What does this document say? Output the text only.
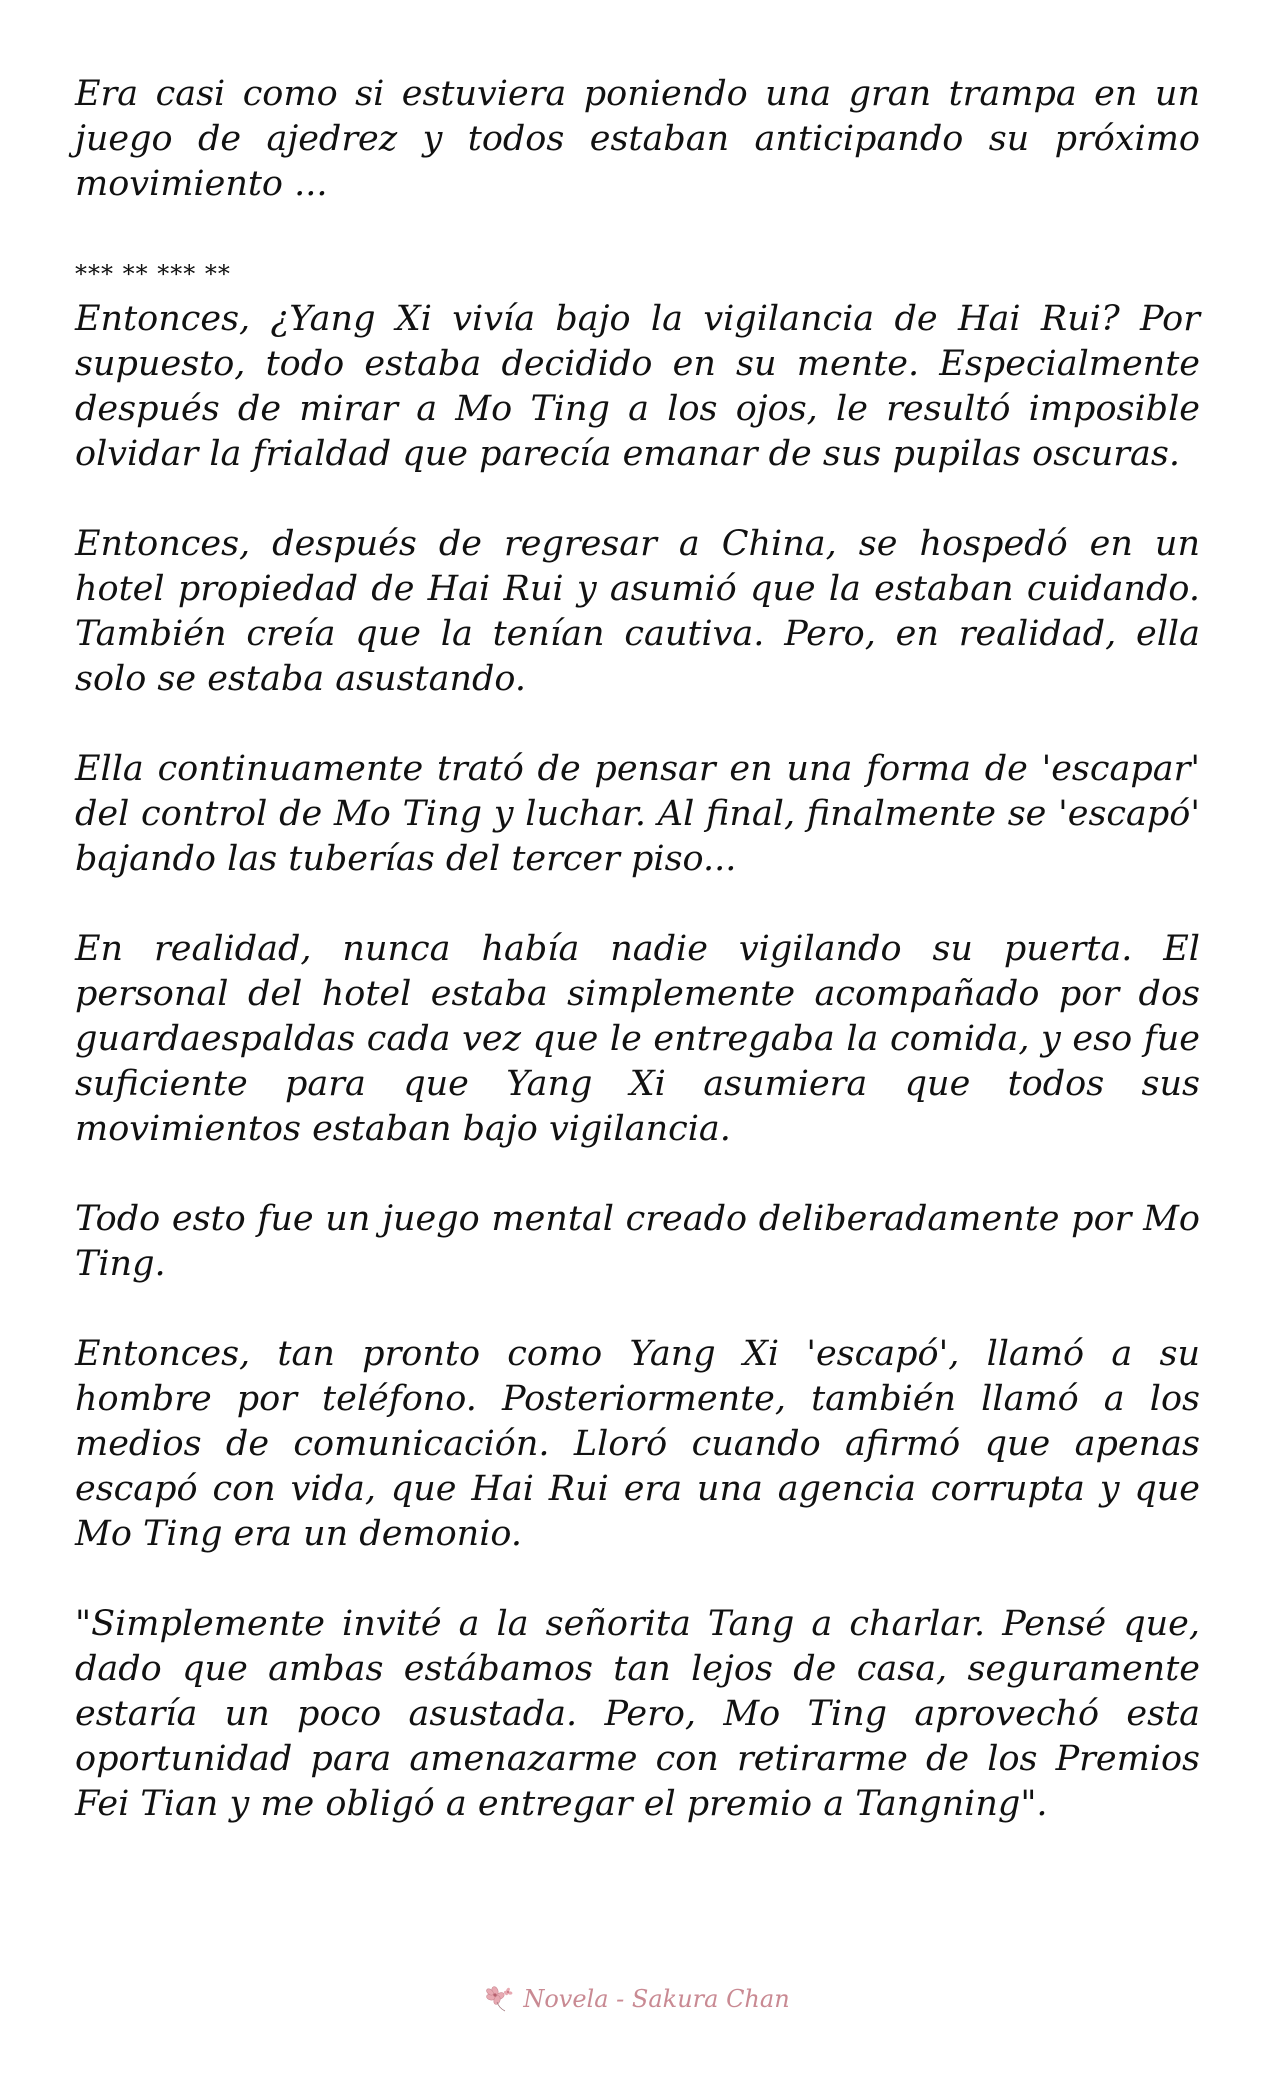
Era casi como si estuviera poniendo una gran trampa en un juego de ajedrez y todos estaban anticipando su próximo movimiento ...

*** ** *** **

Entonces, ¿Yang Xi vivía bajo la vigilancia de Hai Rui? Por supuesto, todo estaba decidido en su mente. Especialmente después de mirar a Mo Ting a los ojos, le resultó imposible olvidar la frialdad que parecía emanar de sus pupilas oscuras.

Entonces, después de regresar a China, se hospedó en un hotel propiedad de Hai Rui y asumió que la estaban cuidando. También creía que la tenían cautiva. Pero, en realidad, ella solo se estaba asustando.

Ella continuamente trató de pensar en una forma de 'escapar' del control de Mo Ting y luchar. Al final, finalmente se 'escapó' bajando las tuberías del tercer piso...

En realidad, nunca había nadie vigilando su puerta. El personal del hotel estaba simplemente acompañado por dos guardaespaldas cada vez que le entregaba la comida, y eso fue suficiente para que Yang Xi asumiera que todos sus movimientos estaban bajo vigilancia.

Todo esto fue un juego mental creado deliberadamente por Mo Ting.

Entonces, tan pronto como Yang Xi 'escapó', llamó a su hombre por teléfono. Posteriormente, también llamó a los medios de comunicación. Lloró cuando afirmó que apenas escapó con vida, que Hai Rui era una agencia corrupta y que Mo Ting era un demonio.

"Simplemente invité a la señorita Tang a charlar. Pensé que, dado que ambas estábamos tan lejos de casa, seguramente estaría un poco asustada. Pero, Mo Ting aprovechó esta oportunidad para amenazarme con retirarme de los Premios Fei Tian y me obligó a entregar el premio a Tangning".

Novela - Sakura Chan
